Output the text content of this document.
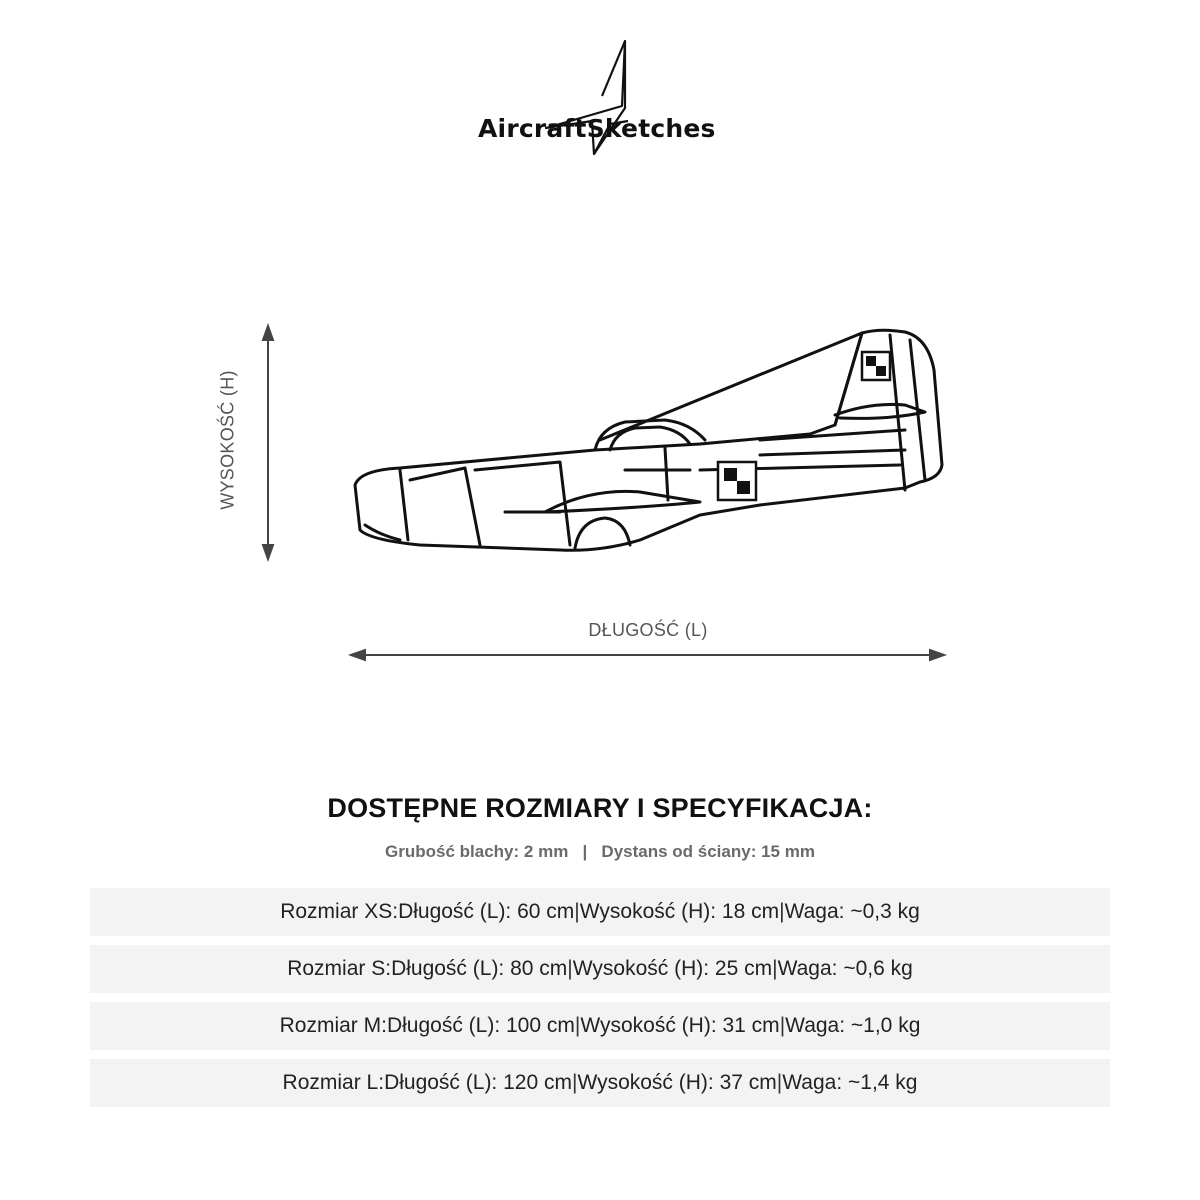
AircraftSketches
WYSOKOŚĆ (H)
DŁUGOŚĆ (L)
DOSTĘPNE ROZMIARY I SPECYFIKACJA:
Grubość blachy: 2 mm | Dystans od ściany: 15 mm
Rozmiar XS: Długość (L): 60 cm | Wysokość (H): 18 cm | Waga: ~0,3 kg
Rozmiar S: Długość (L): 80 cm | Wysokość (H): 25 cm | Waga: ~0,6 kg
Rozmiar M: Długość (L): 100 cm | Wysokość (H): 31 cm | Waga: ~1,0 kg
Rozmiar L: Długość (L): 120 cm | Wysokość (H): 37 cm | Waga: ~1,4 kg
